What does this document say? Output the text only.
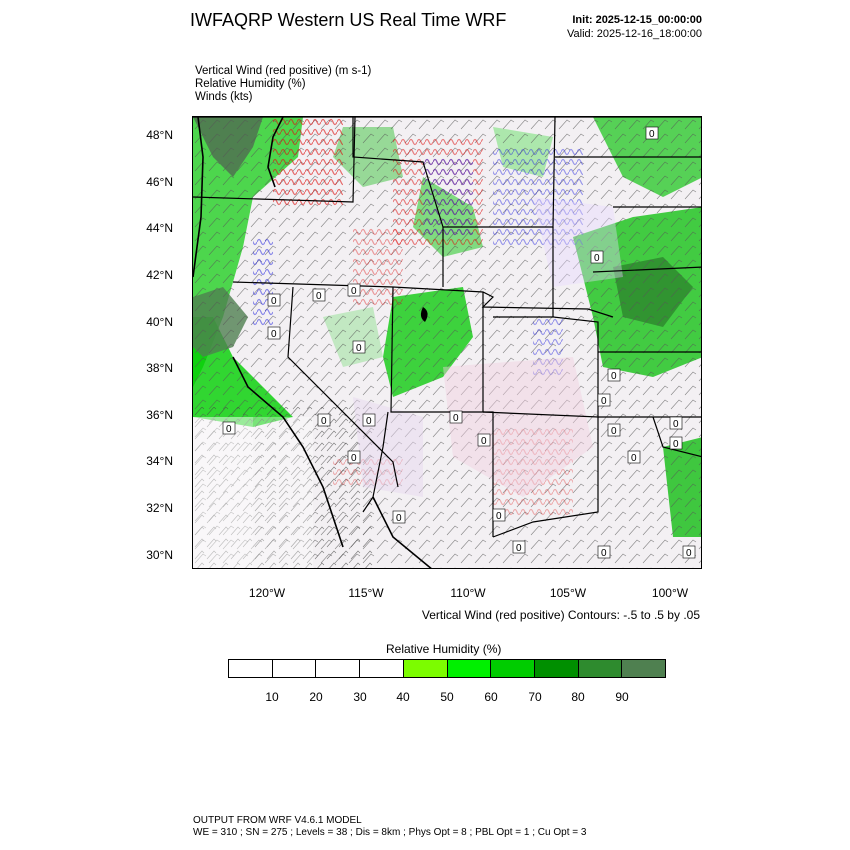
IWFAQRP Western US Real Time WRF	Init: 2025-12-15_00:00:00
Valid: 2025-12-16_18:00:00
Vertical Wind (red positive) (m s-1)
Relative Humidity (%)
Winds (kts)
0
0	0
0
0
0
0
0
0
0
0
0	0	0
0
0	0	0
0
0
0
0
0
0
48°N
46°N
44°N
42°N
40°N
38°N
36°N
34°N
32°N
30°N
120°W	115°W	110°W	105°W	100°W
Vertical Wind (red positive) Contours: -.5 to .5 by .05
Relative Humidity (%)
10	20	30 40	50	60	70 80	90
OUTPUT FROM WRF V4.6.1 MODEL
WE = 310 ; SN = 275 ; Levels = 38 ; Dis = 8km ; Phys Opt = 8 ; PBL Opt = 1 ; Cu Opt = 3
